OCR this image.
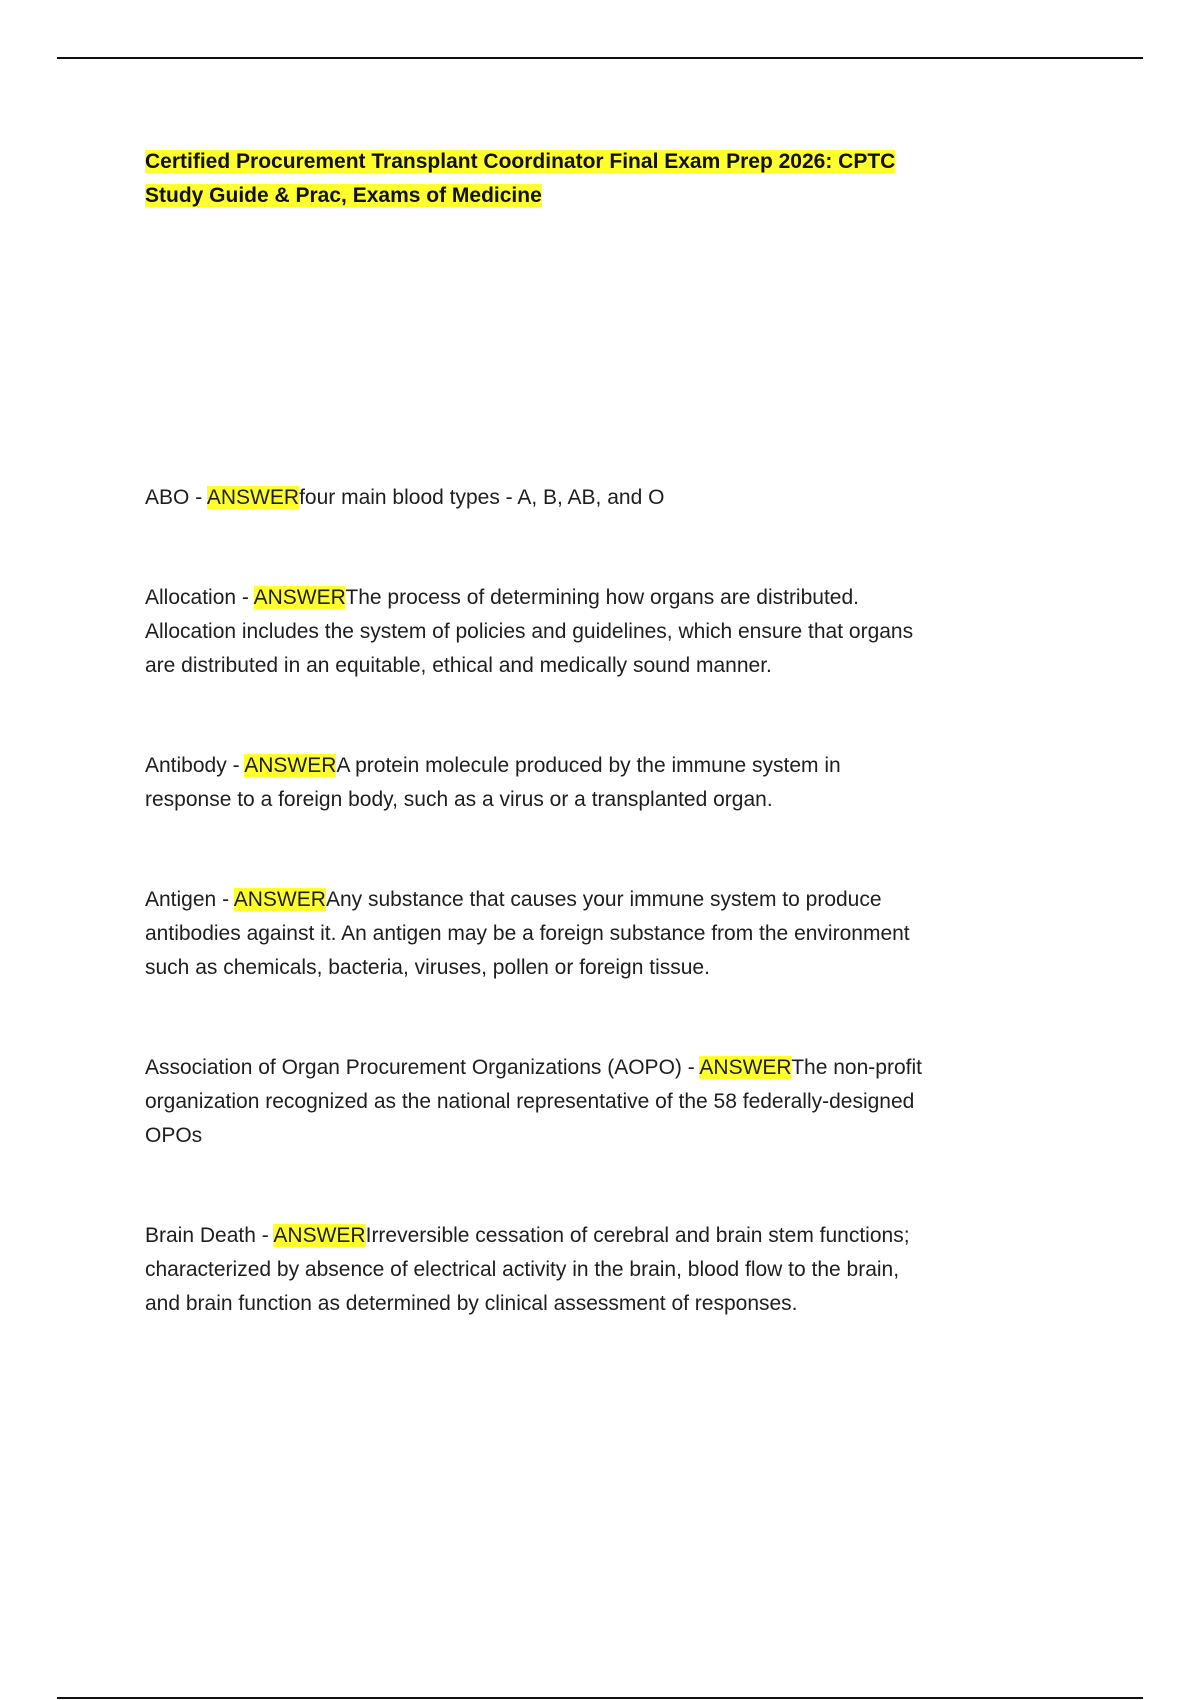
Certified Procurement Transplant Coordinator Final Exam Prep 2026: CPTC Study Guide & Prac, Exams of Medicine

ABO - ANSWERfour main blood types - A, B, AB, and O

Allocation - ANSWERThe process of determining how organs are distributed. Allocation includes the system of policies and guidelines, which ensure that organs are distributed in an equitable, ethical and medically sound manner.

Antibody - ANSWERA protein molecule produced by the immune system in response to a foreign body, such as a virus or a transplanted organ.

Antigen - ANSWERAny substance that causes your immune system to produce antibodies against it. An antigen may be a foreign substance from the environment such as chemicals, bacteria, viruses, pollen or foreign tissue.

Association of Organ Procurement Organizations (AOPO) - ANSWERThe non-profit organization recognized as the national representative of the 58 federally-designed OPOs

Brain Death - ANSWERIrreversible cessation of cerebral and brain stem functions; characterized by absence of electrical activity in the brain, blood flow to the brain, and brain function as determined by clinical assessment of responses.
